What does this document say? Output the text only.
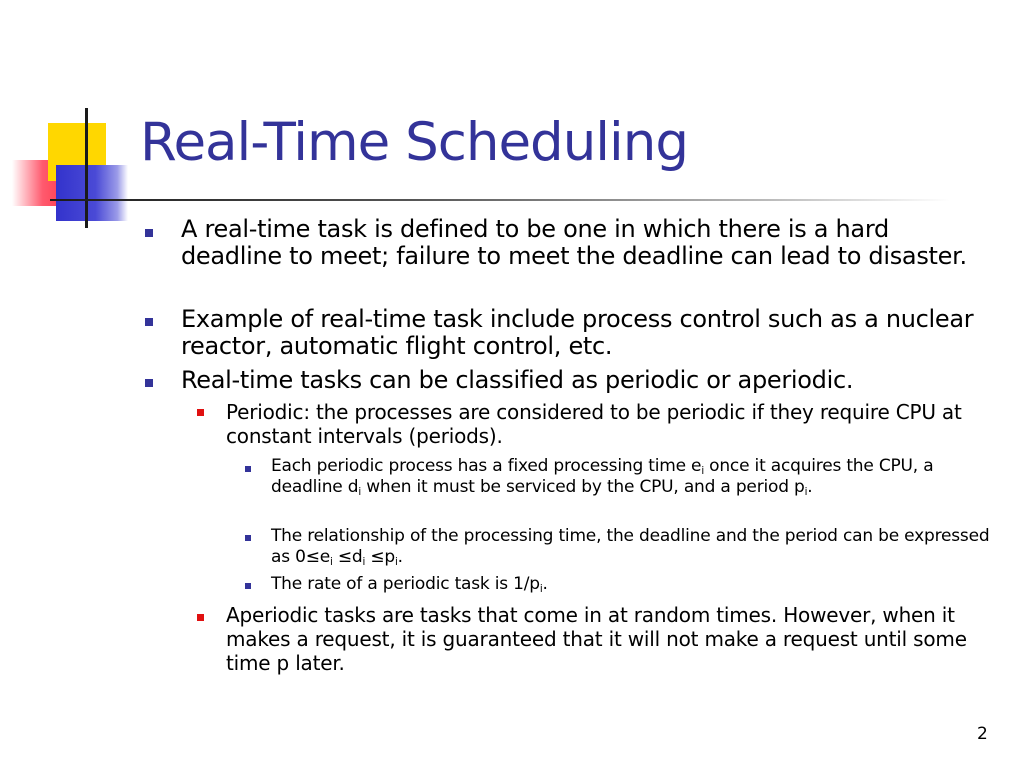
Real-Time Scheduling
A real-time task is defined to be one in which there is a hard deadline to meet; failure to meet the deadline can lead to disaster.
Example of real-time task include process control such as a nuclear reactor, automatic flight control, etc.
Real-time tasks can be classified as periodic or aperiodic.
Periodic: the processes are considered to be periodic if they require CPU at constant intervals (periods).
Each periodic process has a fixed processing time $e_i$ once it acquires the CPU, a deadline $d_i$ when it must be serviced by the CPU, and a period $p_i$.
The relationship of the processing time, the deadline and the period can be expressed as $0\le e_i \le d_i \le p_i$.
The rate of a periodic task is $1/p_i$.
Aperiodic tasks are tasks that come in at random times. However, when it makes a request, it is guaranteed that it will not make a request until some time p later.
2
